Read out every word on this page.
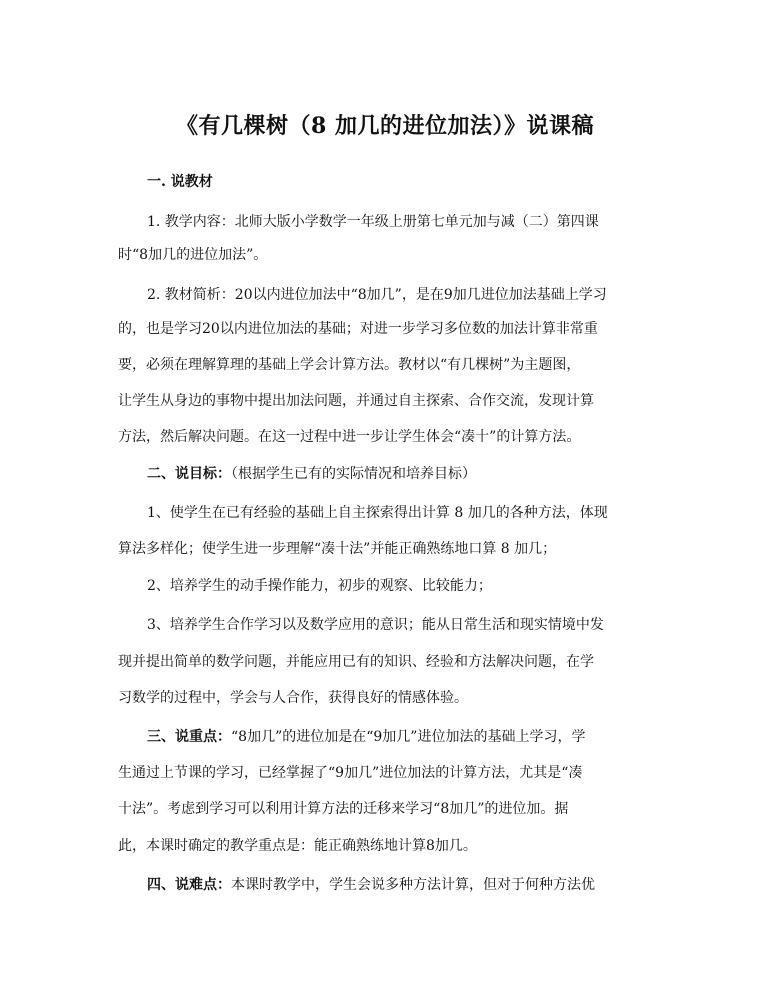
《有几棵树（8 加几的进位加法）》说课稿
一. 说教材
1. 教学内容：北师大版小学数学一年级上册第七单元加与减（二）第四课
时“8加几的进位加法”。
2. 教材简析：20以内进位加法中“8加几”，是在9加几进位加法基础上学习
的，也是学习20以内进位加法的基础；对进一步学习多位数的加法计算非常重
要，必须在理解算理的基础上学会计算方法。教材以“有几棵树”为主题图，
让学生从身边的事物中提出加法问题，并通过自主探索、合作交流，发现计算
方法，然后解决问题。在这一过程中进一步让学生体会“凑十”的计算方法。
二、说目标：（根据学生已有的实际情况和培养目标）
1、使学生在已有经验的基础上自主探索得出计算 8 加几的各种方法，体现
算法多样化；使学生进一步理解“凑十法”并能正确熟练地口算 8 加几；
2、培养学生的动手操作能力，初步的观察、比较能力；
3、培养学生合作学习以及数学应用的意识；能从日常生活和现实情境中发
现并提出简单的数学问题，并能应用已有的知识、经验和方法解决问题，在学
习数学的过程中，学会与人合作，获得良好的情感体验。
三、说重点：“8加几”的进位加是在“9加几”进位加法的基础上学习，学
生通过上节课的学习，已经掌握了“9加几”进位加法的计算方法，尤其是“凑
十法”。考虑到学习可以利用计算方法的迁移来学习“8加几”的进位加。据
此，本课时确定的教学重点是：能正确熟练地计算8加几。
四、说难点：本课时教学中，学生会说多种方法计算，但对于何种方法优
